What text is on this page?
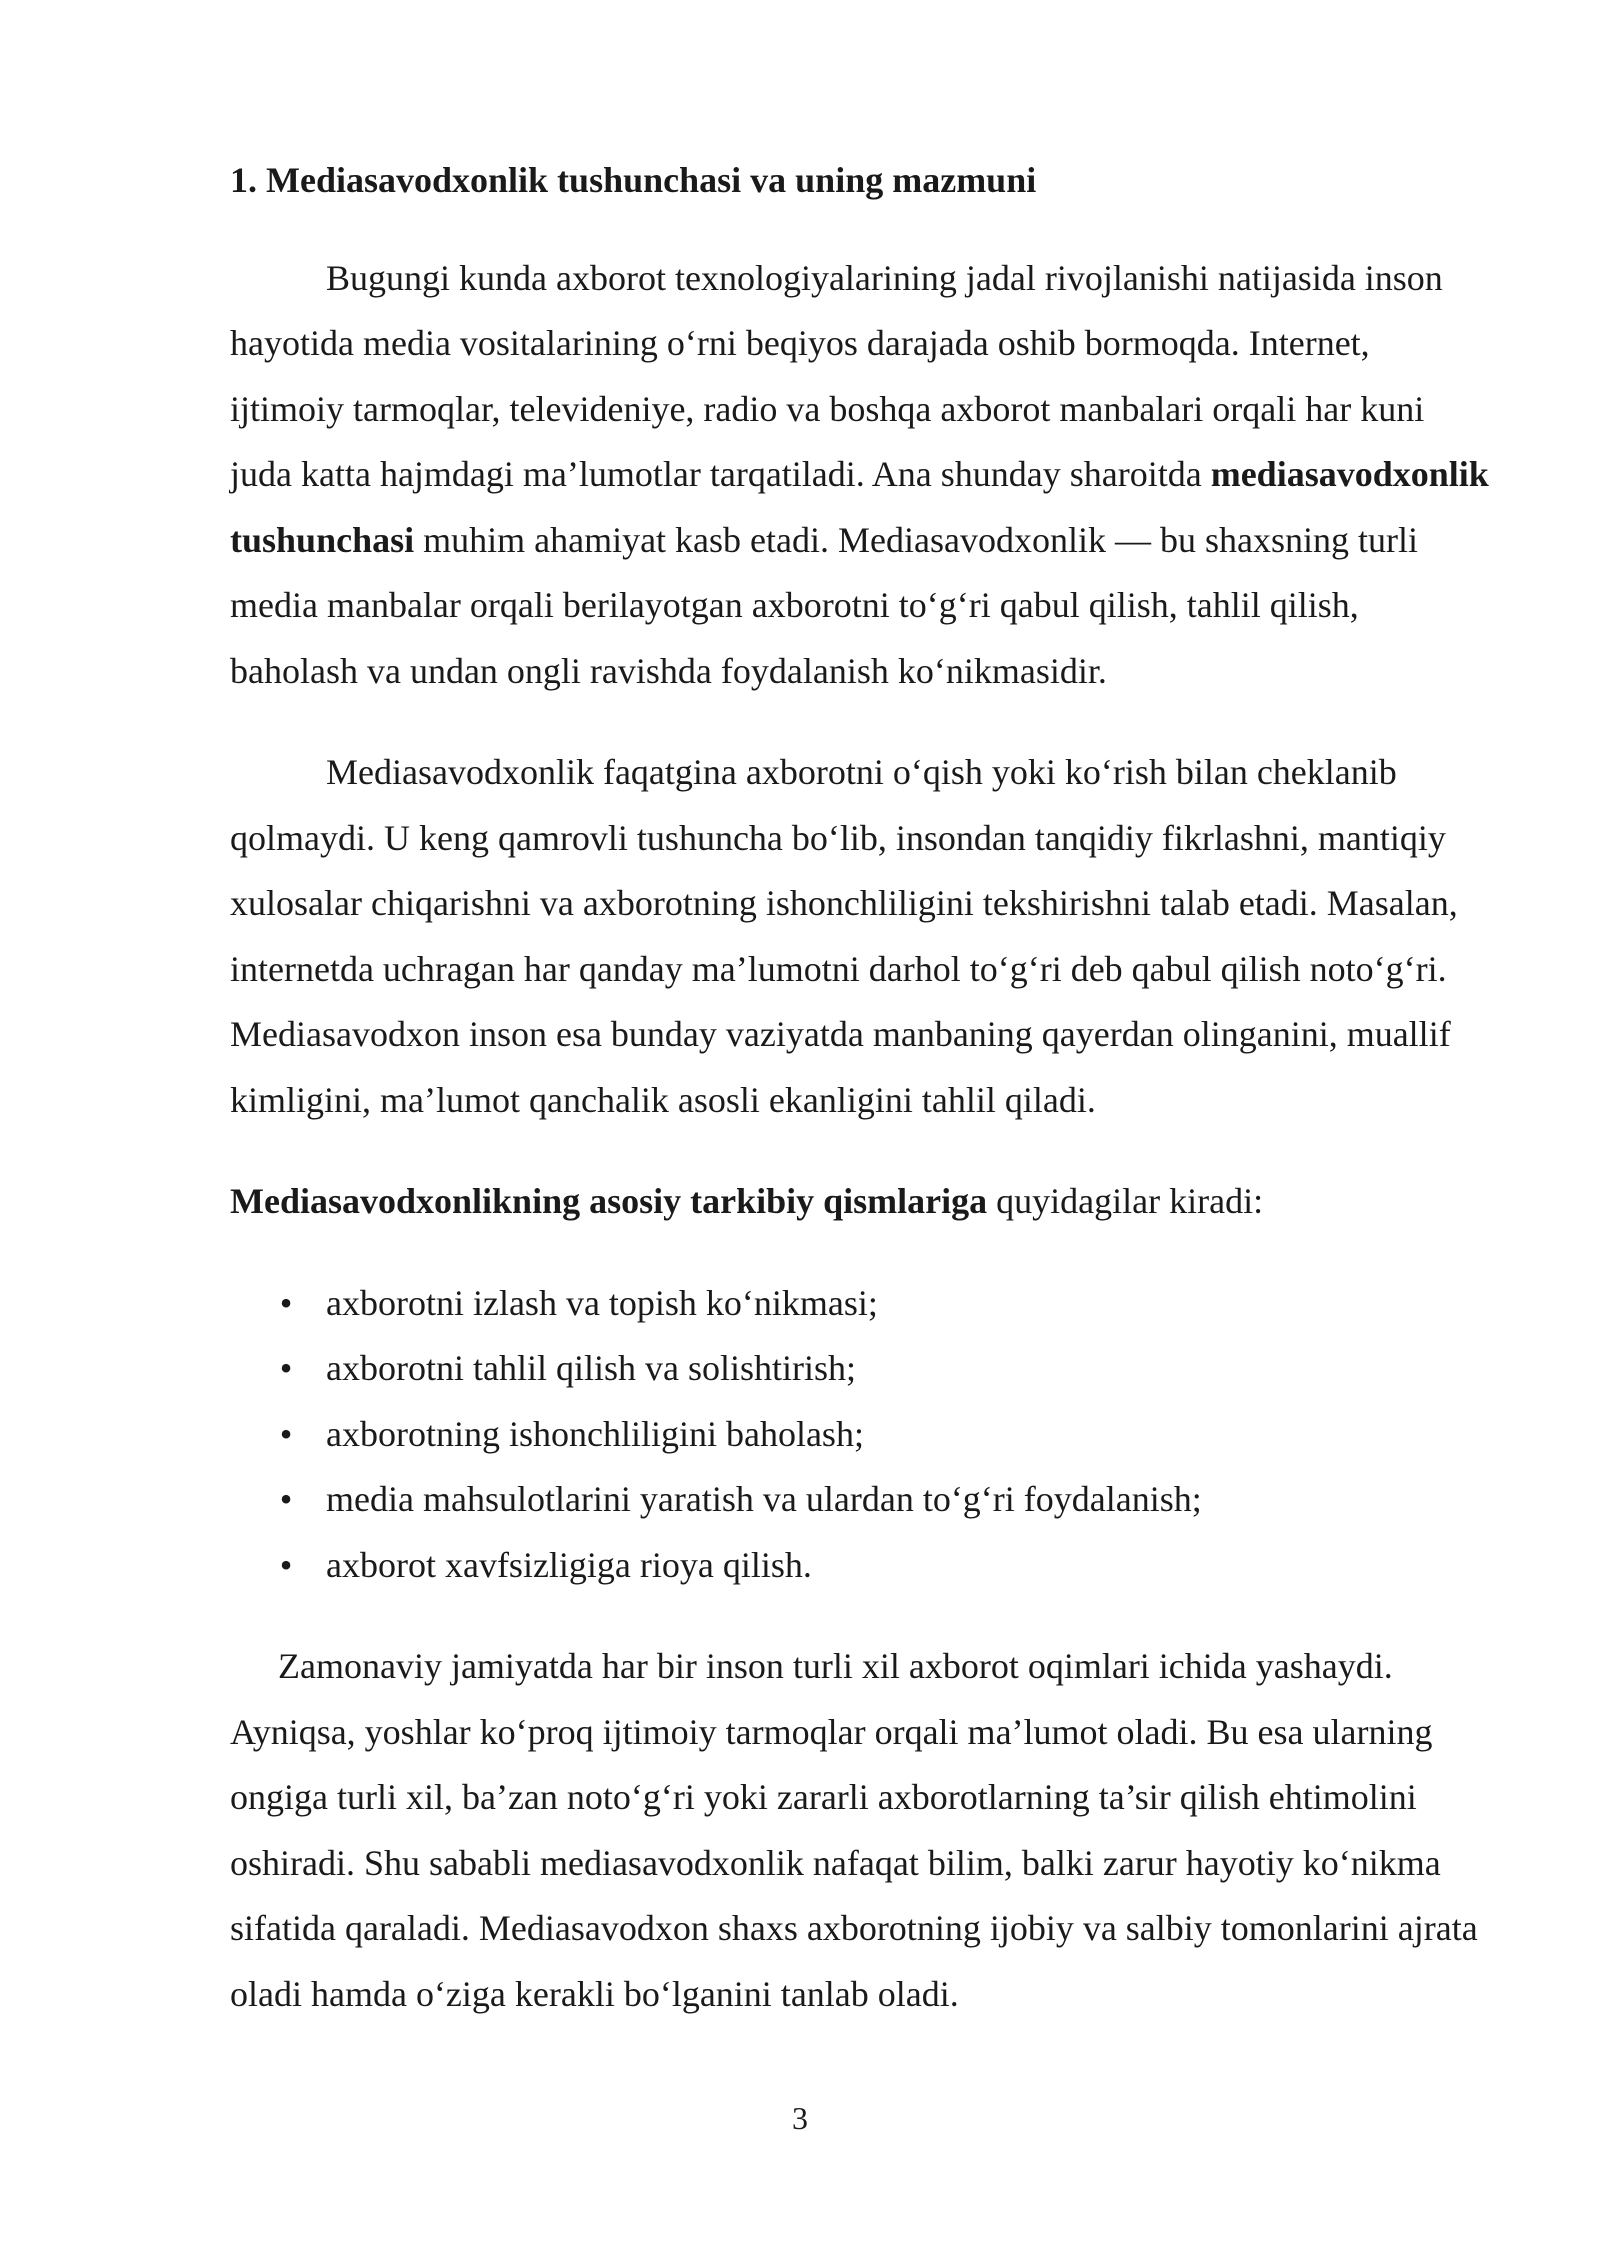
1. Mediasavodxonlik tushunchasi va uning mazmuni

Bugungi kunda axborot texnologiyalarining jadal rivojlanishi natijasida inson hayotida media vositalarining o‘rni beqiyos darajada oshib bormoqda. Internet, ijtimoiy tarmoqlar, televideniye, radio va boshqa axborot manbalari orqali har kuni juda katta hajmdagi ma’lumotlar tarqatiladi. Ana shunday sharoitda mediasavodxonlik tushunchasi muhim ahamiyat kasb etadi. Mediasavodxonlik — bu shaxsning turli media manbalar orqali berilayotgan axborotni to‘g‘ri qabul qilish, tahlil qilish, baholash va undan ongli ravishda foydalanish ko‘nikmasidir.

Mediasavodxonlik faqatgina axborotni o‘qish yoki ko‘rish bilan cheklanib qolmaydi. U keng qamrovli tushuncha bo‘lib, insondan tanqidiy fikrlashni, mantiqiy xulosalar chiqarishni va axborotning ishonchliligini tekshirishni talab etadi. Masalan, internetda uchragan har qanday ma’lumotni darhol to‘g‘ri deb qabul qilish noto‘g‘ri. Mediasavodxon inson esa bunday vaziyatda manbaning qayerdan olinganini, muallif kimligini, ma’lumot qanchalik asosli ekanligini tahlil qiladi.

Mediasavodxonlikning asosiy tarkibiy qismlariga quyidagilar kiradi:

• axborotni izlash va topish ko‘nikmasi;
• axborotni tahlil qilish va solishtirish;
• axborotning ishonchliligini baholash;
• media mahsulotlarini yaratish va ulardan to‘g‘ri foydalanish;
• axborot xavfsizligiga rioya qilish.

Zamonaviy jamiyatda har bir inson turli xil axborot oqimlari ichida yashaydi. Ayniqsa, yoshlar ko‘proq ijtimoiy tarmoqlar orqali ma’lumot oladi. Bu esa ularning ongiga turli xil, ba’zan noto‘g‘ri yoki zararli axborotlarning ta’sir qilish ehtimolini oshiradi. Shu sababli mediasavodxonlik nafaqat bilim, balki zarur hayotiy ko‘nikma sifatida qaraladi. Mediasavodxon shaxs axborotning ijobiy va salbiy tomonlarini ajrata oladi hamda o‘ziga kerakli bo‘lganini tanlab oladi.

3
